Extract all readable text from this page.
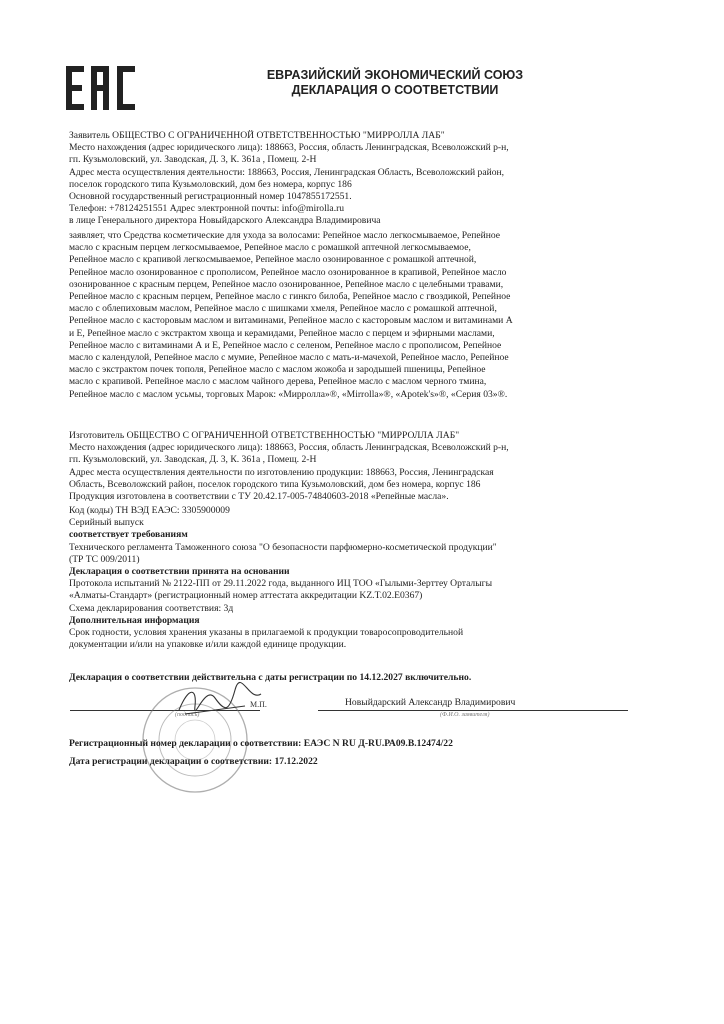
ЕВРАЗИЙСКИЙ ЭКОНОМИЧЕСКИЙ СОЮЗ
ДЕКЛАРАЦИЯ О СООТВЕТСТВИИ
Заявитель ОБЩЕСТВО С ОГРАНИЧЕННОЙ ОТВЕТСТВЕННОСТЬЮ "МИРРОЛЛА ЛАБ"
Место нахождения (адрес юридического лица): 188663, Россия, область Ленинградская, Всеволожский р-н,
гп. Кузьмоловский, ул. Заводская, Д. 3, К. 361а , Помещ. 2-Н
Адрес места осуществления деятельности: 188663, Россия, Ленинградская Область, Всеволожский район,
поселок городского типа Кузьмоловский, дом без номера, корпус 186
Основной государственный регистрационный номер 1047855172551.
Телефон: +78124251551 Адрес электронной почты: info@mirolla.ru
в лице Генерального директора Новыйдарского Александра Владимировича
заявляет, что Средства косметические для ухода за волосами: Репейное масло легкосмываемое, Репейное
масло с красным перцем легкосмываемое, Репейное масло с ромашкой аптечной легкосмываемое,
Репейное масло с крапивой легкосмываемое, Репейное масло озонированное с ромашкой аптечной,
Репейное масло озонированное с прополисом, Репейное масло озонированное в крапивой, Репейное масло
озонированное с красным перцем, Репейное масло озонированное, Репейное масло с целебными травами,
Репейное масло с красным перцем, Репейное масло с гинкго билоба, Репейное масло с гвоздикой, Репейное
масло с облепиховым маслом, Репейное масло с шишками хмеля, Репейное масло с ромашкой аптечной,
Репейное масло с касторовым маслом и витаминами, Репейное масло с касторовым маслом и витаминами А
и Е, Репейное масло с экстрактом хвоща и керамидами, Репейное масло с перцем и эфирными маслами,
Репейное масло с витаминами А и Е, Репейное масло с селеном, Репейное масло с прополисом, Репейное
масло с календулой, Репейное масло с мумие, Репейное масло с мать-и-мачехой, Репейное масло, Репейное
масло с экстрактом почек тополя, Репейное масло с маслом жожоба и зародышей пшеницы, Репейное
масло с крапивой. Репейное масло с маслом чайного дерева, Репейное масло с маслом черного тмина,
Репейное масло с маслом усьмы, торговых Марок: «Мирролла»®, «Mirrolla»®, «Apotek's»®, «Серия 03»®.
Изготовитель ОБЩЕСТВО С ОГРАНИЧЕННОЙ ОТВЕТСТВЕННОСТЬЮ "МИРРОЛЛА ЛАБ"
Место нахождения (адрес юридического лица): 188663, Россия, область Ленинградская, Всеволожский р-н,
гп. Кузьмоловский, ул. Заводская, Д. 3, К. 361а , Помещ. 2-Н
Адрес места осуществления деятельности по изготовлению продукции: 188663, Россия, Ленинградская
Область, Всеволожский район, поселок городского типа Кузьмоловский, дом без номера, корпус 186
Продукция изготовлена в соответствии с ТУ 20.42.17-005-74840603-2018 «Репейные масла».
Код (коды) ТН ВЭД ЕАЭС: 3305900009
Серийный выпуск
соответствует требованиям
Технического регламента Таможенного союза "О безопасности парфюмерно-косметической продукции"
(ТР ТС 009/2011)
Декларация о соответствии принята на основании
Протокола испытаний № 2122-ПП от 29.11.2022 года, выданного ИЦ ТОО «Гылыми-Зерттеу Орталыгы
«Алматы-Стандарт» (регистрационный номер аттестата аккредитации KZ.T.02.E0367)
Схема декларирования соответствия: 3д
Дополнительная информация
Срок годности, условия хранения указаны в прилагаемой к продукции товаросопроводительной
документации и/или на упаковке и/или каждой единице продукции.
Декларация о соответствии действительна с даты регистрации по 14.12.2027 включительно.
(подпись)
М.П.	Новыйдарский Александр Владимирович
(Ф.И.О. заявителя)
Регистрационный номер декларации о соответствии: ЕАЭС N RU Д-RU.РА09.В.12474/22
Дата регистрации декларации о соответствии: 17.12.2022
